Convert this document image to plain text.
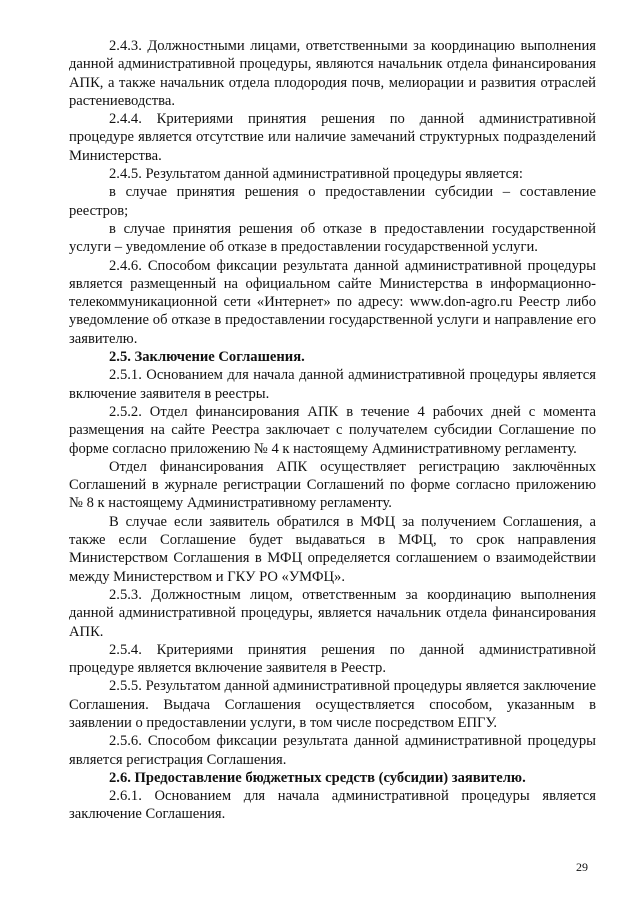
2.4.3. Должностными лицами, ответственными за координацию выполнения данной административной процедуры, являются начальник отдела финансирования АПК, а также начальник отдела плодородия почв, мелиорации и развития отраслей растениеводства.

2.4.4. Критериями принятия решения по данной административной процедуре является отсутствие или наличие замечаний структурных подразделений Министерства.

2.4.5. Результатом данной административной процедуры является:

в случае принятия решения о предоставлении субсидии – составление реестров;

в случае принятия решения об отказе в предоставлении государственной услуги – уведомление об отказе в предоставлении государственной услуги.

2.4.6. Способом фиксации результата данной административной процедуры является размещенный на официальном сайте Министерства в информационно-телекоммуникационной сети «Интернет» по адресу: www.don-agro.ru Реестр либо уведомление об отказе в предоставлении государственной услуги и направление его заявителю.

2.5. Заключение Соглашения.

2.5.1. Основанием для начала данной административной процедуры является включение заявителя в реестры.

2.5.2. Отдел финансирования АПК в течение 4 рабочих дней с момента размещения на сайте Реестра заключает с получателем субсидии Соглашение по форме согласно приложению № 4 к настоящему Административному регламенту.

Отдел финансирования АПК осуществляет регистрацию заключённых Соглашений в журнале регистрации Соглашений по форме согласно приложению № 8 к настоящему Административному регламенту.

В случае если заявитель обратился в МФЦ за получением Соглашения, а также если Соглашение будет выдаваться в МФЦ, то срок направления Министерством Соглашения в МФЦ определяется соглашением о взаимодействии между Министерством и ГКУ РО «УМФЦ».

2.5.3. Должностным лицом, ответственным за координацию выполнения данной административной процедуры, является начальник отдела финансирования АПК.

2.5.4. Критериями принятия решения по данной административной процедуре является включение заявителя в Реестр.

2.5.5. Результатом данной административной процедуры является заключение Соглашения. Выдача Соглашения осуществляется способом, указанным в заявлении о предоставлении услуги, в том числе посредством ЕПГУ.

2.5.6. Способом фиксации результата данной административной процедуры является регистрация Соглашения.

2.6. Предоставление бюджетных средств (субсидии) заявителю.

2.6.1. Основанием для начала административной процедуры является заключение Соглашения.

29
